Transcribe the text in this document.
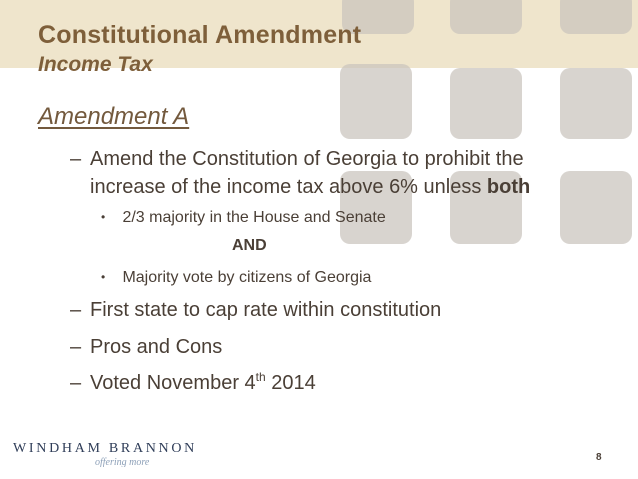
Constitutional Amendment
Income Tax
Amendment A
– Amend the Constitution of Georgia to prohibit the
increase of the income tax above 6% unless both
• 2/3 majority in the House and Senate
AND
• Majority vote by citizens of Georgia
– First state to cap rate within constitution
– Pros and Cons
– Voted November 4th 2014
WINDHAM BRANNON
offering more	8
